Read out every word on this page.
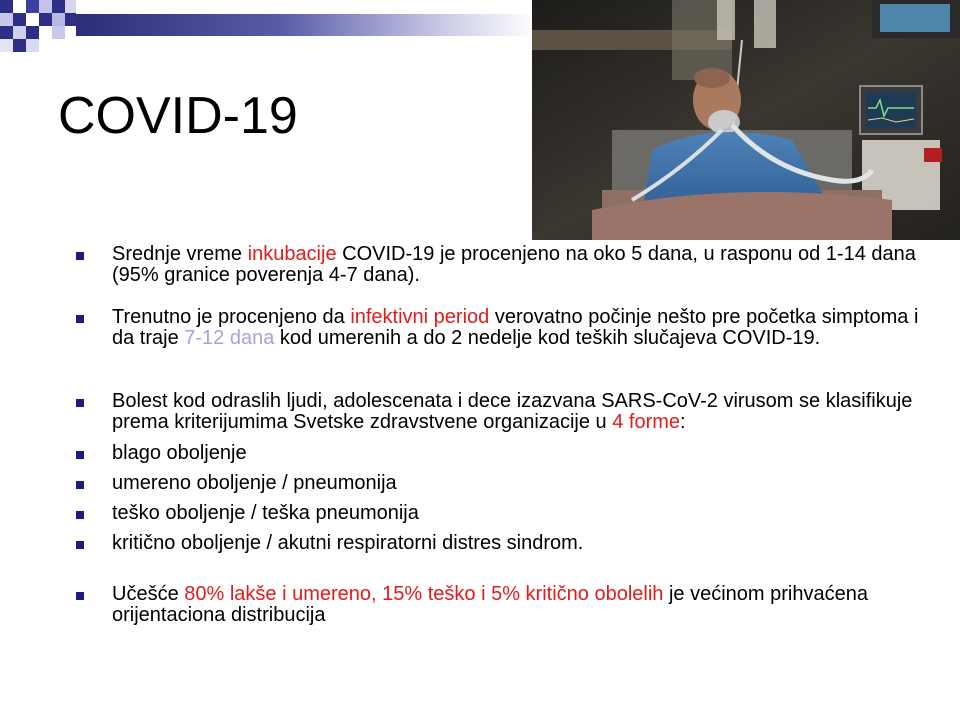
COVID-19

Srednje vreme inkubacije COVID-19 je procenjeno na oko 5 dana, u rasponu od 1-14 dana (95% granice poverenja 4-7 dana).

Trenutno je procenjeno da infektivni period verovatno počinje nešto pre početka simptoma i da traje 7-12 dana kod umerenih a do 2 nedelje kod teških slučajeva COVID-19.

Bolest kod odraslih ljudi, adolescenata i dece izazvana SARS-CoV-2 virusom se klasifikuje prema kriterijumima Svetske zdravstvene organizacije u 4 forme:

blago oboljenje

umereno oboljenje / pneumonija

teško oboljenje / teška pneumonija

kritično oboljenje / akutni respiratorni distres sindrom.

Učešće 80% lakše i umereno, 15% teško i 5% kritično obolelih je većinom prihvaćena orijentaciona distribucija
